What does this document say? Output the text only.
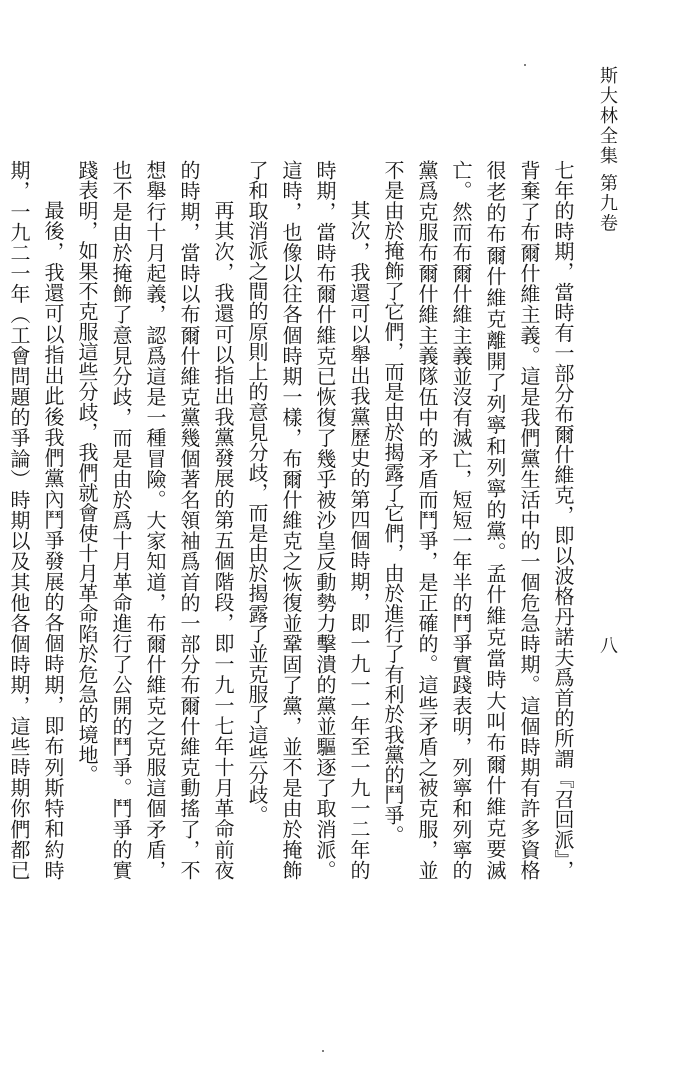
斯大林全集 第九卷
八

七年的時期，當時有一部分布爾什維克，即以波格丹諾夫爲首的所謂『召回派』，背棄了布爾什維主義。這是我們黨生活中的一個危急時期。這個時期有許多資格很老的布爾什維克離開了列寧和列寧的黨。孟什維克當時大叫布爾什維克要滅亡。然而布爾什維主義並沒有滅亡，短短一年半的鬥爭實踐表明，列寧和列寧的黨爲克服布爾什維主義隊伍中的矛盾而鬥爭，是正確的。這些矛盾之被克服，並不是由於掩飾了它們，而是由於揭露了它們，由於進行了有利於我黨的鬥爭。

其次，我還可以舉出我黨歷史的第四個時期，即一九一一年至一九一二年的時期，當時布爾什維克已恢復了幾乎被沙皇反動勢力擊潰的黨並驅逐了取消派。這時，也像以往各個時期一樣，布爾什維克之恢復並鞏固了黨，並不是由於掩飾了和取消派之間的原則上的意見分歧，而是由於揭露了並克服了這些分歧。

再其次，我還可以指出我黨發展的第五個階段，即一九一七年十月革命前夜的時期，當時以布爾什維克黨幾個著名領袖爲首的一部分布爾什維克動搖了，不想舉行十月起義，認爲這是一種冒險。大家知道，布爾什維克之克服這個矛盾，也不是由於掩飾了意見分歧，而是由於爲十月革命進行了公開的鬥爭。鬥爭的實踐表明，如果不克服這些分歧，我們就會使十月革命陷於危急的境地。

最後，我還可以指出此後我們黨內鬥爭發展的各個時期，即布列斯特和約時期，一九二一年（工會問題的爭論）時期以及其他各個時期，這些時期你們都已
